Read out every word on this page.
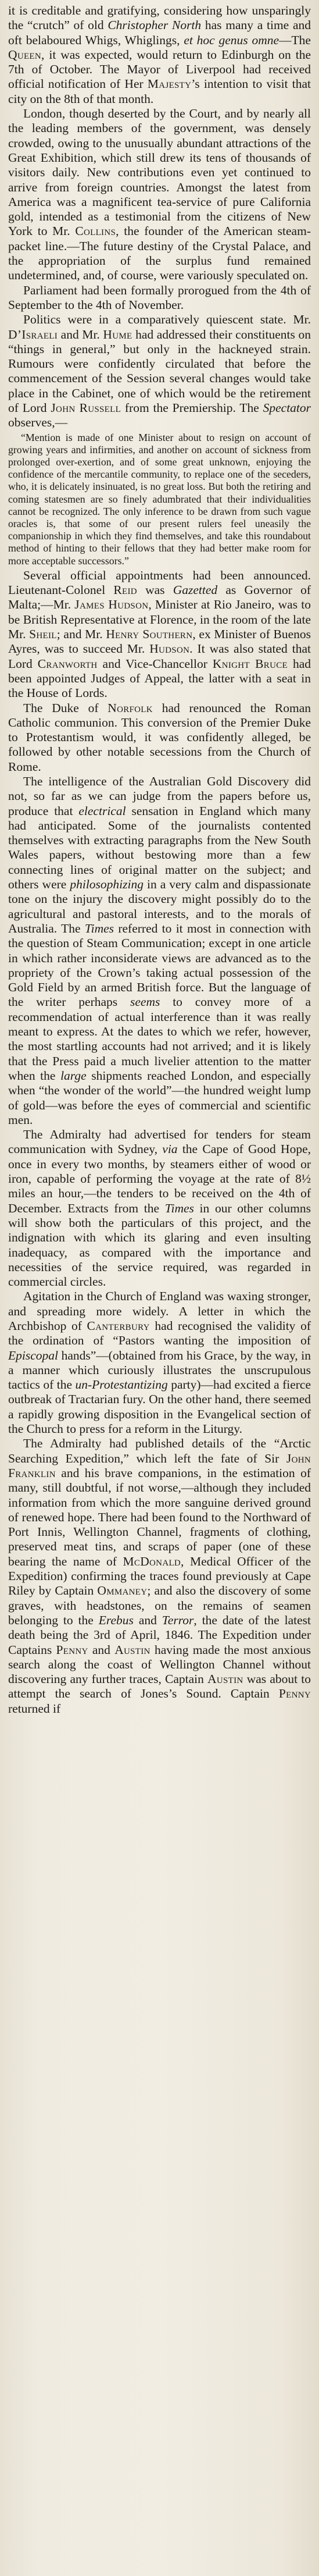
it is creditable and gratifying, considering how unsparingly the “crutch” of old Christopher North has many a time and oft belaboured Whigs, Whiglings, et hoc genus omne—The Queen, it was expected, would return to Edinburgh on the 7th of October. The Mayor of Liverpool had received official notification of Her Majesty’s intention to visit that city on the 8th of that month.

London, though deserted by the Court, and by nearly all the leading members of the government, was densely crowded, owing to the unusually abundant attractions of the Great Exhibition, which still drew its tens of thousands of visitors daily. New contributions even yet continued to arrive from foreign countries. Amongst the latest from America was a magnificent tea-service of pure California gold, intended as a testimonial from the citizens of New York to Mr. Collins, the founder of the American steam-packet line.—The future destiny of the Crystal Palace, and the appropriation of the surplus fund remained undetermined, and, of course, were variously speculated on.

Parliament had been formally prorogued from the 4th of September to the 4th of November.

Politics were in a comparatively quiescent state. Mr. D’Israeli and Mr. Hume had addressed their constituents on “things in general,” but only in the hackneyed strain. Rumours were confidently circulated that before the commencement of the Session several changes would take place in the Cabinet, one of which would be the retirement of Lord John Russell from the Premiership. The Spectator observes,—

“Mention is made of one Minister about to resign on account of growing years and infirmities, and another on account of sickness from prolonged over-exertion, and of some great unknown, enjoying the confidence of the mercantile community, to replace one of the seceders, who, it is delicately insinuated, is no great loss. But both the retiring and coming statesmen are so finely adumbrated that their individualities cannot be recognized. The only inference to be drawn from such vague oracles is, that some of our present rulers feel uneasily the companionship in which they find themselves, and take this roundabout method of hinting to their fellows that they had better make room for more acceptable successors.”

Several official appointments had been announced. Lieutenant-Colonel Reid was Gazetted as Governor of Malta;—Mr. James Hudson, Minister at Rio Janeiro, was to be British Representative at Florence, in the room of the late Mr. Sheil; and Mr. Henry Southern, ex Minister of Buenos Ayres, was to succeed Mr. Hudson. It was also stated that Lord Cranworth and Vice-Chancellor Knight Bruce had been appointed Judges of Appeal, the latter with a seat in the House of Lords.

The Duke of Norfolk had renounced the Roman Catholic communion. This conversion of the Premier Duke to Protestantism would, it was confidently alleged, be followed by other notable secessions from the Church of Rome.

The intelligence of the Australian Gold Discovery did not, so far as we can judge from the papers before us, produce that electrical sensation in England which many had anticipated. Some of the journalists contented themselves with extracting paragraphs from the New South Wales papers, without bestowing more than a few connecting lines of original matter on the subject; and others were philosophizing in a very calm and dispassionate tone on the injury the discovery might possibly do to the agricultural and pastoral interests, and to the morals of Australia. The Times referred to it most in connection with the question of Steam Communication; except in one article in which rather inconsiderate views are advanced as to the propriety of the Crown’s taking actual possession of the Gold Field by an armed British force. But the language of the writer perhaps seems to convey more of a recommendation of actual interference than it was really meant to express. At the dates to which we refer, however, the most startling accounts had not arrived; and it is likely that the Press paid a much livelier attention to the matter when the large shipments reached London, and especially when “the wonder of the world”—the hundred weight lump of gold—was before the eyes of commercial and scientific men.

The Admiralty had advertised for tenders for steam communication with Sydney, via the Cape of Good Hope, once in every two months, by steamers either of wood or iron, capable of performing the voyage at the rate of 8½ miles an hour,—the tenders to be received on the 4th of December. Extracts from the Times in our other columns will show both the particulars of this project, and the indignation with which its glaring and even insulting inadequacy, as compared with the importance and necessities of the service required, was regarded in commercial circles.

Agitation in the Church of England was waxing stronger, and spreading more widely. A letter in which the Archbishop of Canterbury had recognised the validity of the ordination of “Pastors wanting the imposition of Episcopal hands”—(obtained from his Grace, by the way, in a manner which curiously illustrates the unscrupulous tactics of the un-Protestantizing party)—had excited a fierce outbreak of Tractarian fury. On the other hand, there seemed a rapidly growing disposition in the Evangelical section of the Church to press for a reform in the Liturgy.

The Admiralty had published details of the “Arctic Searching Expedition,” which left the fate of Sir John Franklin and his brave companions, in the estimation of many, still doubtful, if not worse,—although they included information from which the more sanguine derived ground of renewed hope. There had been found to the Northward of Port Innis, Wellington Channel, fragments of clothing, preserved meat tins, and scraps of paper (one of these bearing the name of McDonald, Medical Officer of the Expedition) confirming the traces found previously at Cape Riley by Captain Ommaney; and also the discovery of some graves, with headstones, on the remains of seamen belonging to the Erebus and Terror, the date of the latest death being the 3rd of April, 1846. The Expedition under Captains Penny and Austin having made the most anxious search along the coast of Wellington Channel without discovering any further traces, Captain Austin was about to attempt the search of Jones’s Sound. Captain Penny returned if
